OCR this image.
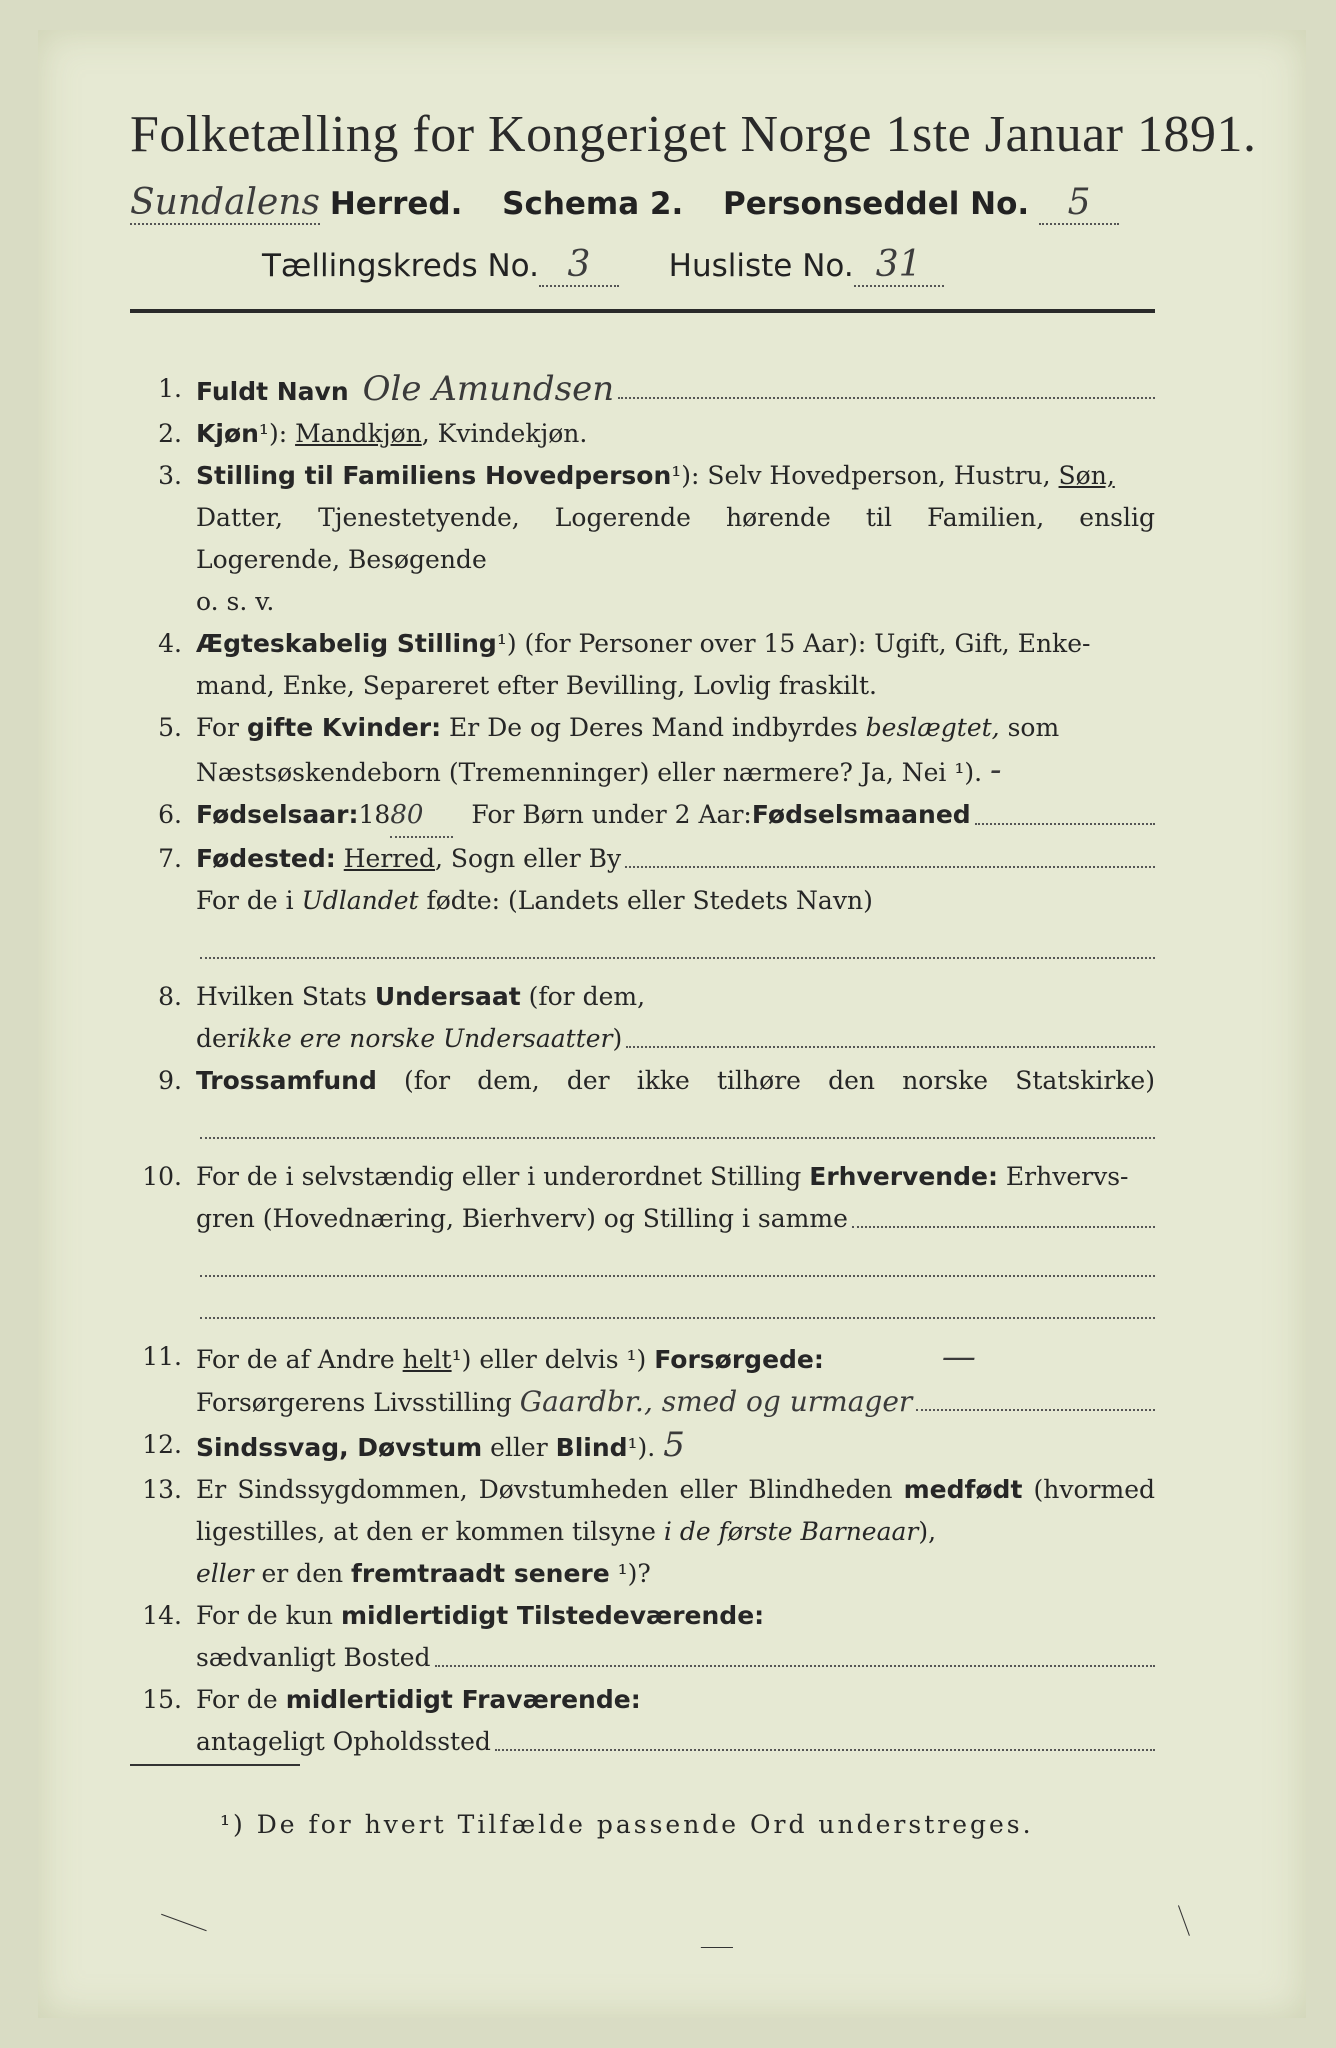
Folketælling for Kongeriget Norge 1ste Januar 1891.
Sundalens Herred. Schema 2. Personseddel No. 5
Tællingskreds No. 3	Husliste No. 31
1. Fuldt Navn Ole Amundsen
2. Kjøn¹): Mandkjøn, Kvindekjøn.
3. Stilling til Familiens Hovedperson¹): Selv Hovedperson, Hustru, Søn,
Datter, Tjenestetyende, Logerende hørende til Familien, enslig
Logerende, Besøgende
o. s. v.
4. Ægteskabelig Stilling¹) (for Personer over 15 Aar): Ugift, Gift, Enke-
mand, Enke, Separeret efter Bevilling, Lovlig fraskilt.
5. For gifte Kvinder: Er De og Deres Mand indbyrdes beslægtet, som
Næstsøskendeborn (Tremenninger) eller nærmere? Ja, Nei ¹). -
6. Fødselsaar: 18 80	For Børn under 2 Aar: Fødselsmaaned
7. Fødested:
Herred , Sogn eller By
For de i Udlandet fødte: (Landets eller Stedets Navn)
8. Hvilken Stats Undersaat (for dem,
der ikke ere norske Undersaatter )
9. Trossamfund (for dem, der ikke tilhøre den norske Statskirke)
10. For de i selvstændig eller i underordnet Stilling Erhvervende: Erhvervs-
gren (Hovednæring, Bierhverv) og Stilling i samme
11. For de af Andre helt¹) eller delvis ¹) Forsørgede:	—
Forsørgerens Livsstilling Gaardbr., smed og urmager
12. Sindssvag, Døvstum eller Blind¹). 5
13. Er Sindssygdommen, Døvstumheden eller Blindheden medfødt (hvormed
ligestilles, at den er kommen tilsyne i de første Barneaar),
eller er den fremtraadt senere ¹)?
14. For de kun midlertidigt Tilstedeværende:
sædvanligt Bosted
15. For de midlertidigt Fraværende:
antageligt Opholdssted
¹) De for hvert Tilfælde passende Ord understreges.
⸻
⸺
⸺
